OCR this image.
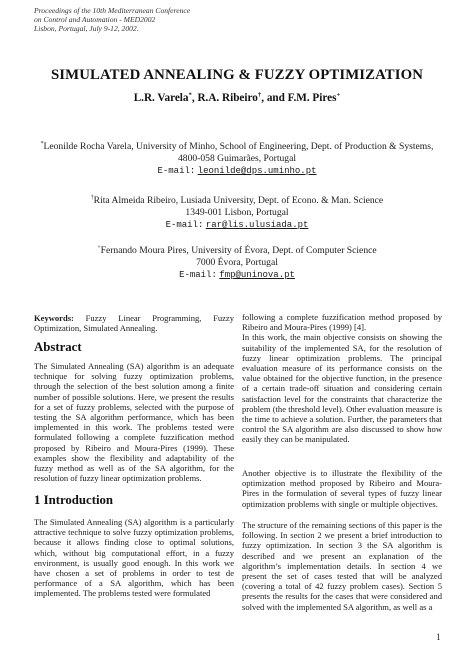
Proceedings of the 10th Mediterranean Conference
on Control and Automation - MED2002
Lisbon, Portugal, July 9-12, 2002.
SIMULATED ANNEALING & FUZZY OPTIMIZATION
L.R. Varela*, R.A. Ribeiro†, and F.M. Pires+
*Leonilde Rocha Varela, University of Minho, School of Engineering, Dept. of Production & Systems,
4800-058 Guimarães, Portugal
E-mail: leonilde@dps.uminho.pt
†Rita Almeida Ribeiro, Lusiada University, Dept. of Econo. & Man. Science
1349-001 Lisbon, Portugal
E-mail: rar@lis.ulusiada.pt
+Fernando Moura Pires, University of Évora, Dept. of Computer Science
7000 Évora, Portugal
E-mail: fmp@uninova.pt

Keywords: Fuzzy Linear Programming, Fuzzy Optimization, Simulated Annealing.

Abstract

The Simulated Annealing (SA) algorithm is an adequate technique for solving fuzzy optimization problems, through the selection of the best solution among a finite number of possible solutions. Here, we present the results for a set of fuzzy problems, selected with the purpose of testing the SA algorithm performance, which has been implemented in this work. The problems tested were formulated following a complete fuzzification method proposed by Ribeiro and Moura-Pires (1999). These examples show the flexibility and adaptability of the fuzzy method as well as of the SA algorithm, for the resolution of fuzzy linear optimization problems.

1 Introduction

The Simulated Annealing (SA) algorithm is a particularly attractive technique to solve fuzzy optimization problems, because it allows finding close to optimal solutions, which, without big computational effort, in a fuzzy environment, is usually good enough. In this work we have chosen a set of problems in order to test de performance of a SA algorithm, which has been implemented. The problems tested were formulated

following a complete fuzzification method proposed by Ribeiro and Moura-Pires (1999) [4].

In this work, the main objective consists on showing the suitability of the implemented SA, for the resolution of fuzzy linear optimization problems. The principal evaluation measure of its performance consists on the value obtained for the objective function, in the presence of a certain trade-off situation and considering certain satisfaction level for the constraints that characterize the problem (the threshold level). Other evaluation measure is the time to achieve a solution. Further, the parameters that control the SA algorithm are also discussed to show how easily they can be manipulated.

Another objective is to illustrate the flexibility of the optimization method proposed by Ribeiro and Moura-Pires in the formulation of several types of fuzzy linear optimization problems with single or multiple objectives.

The structure of the remaining sections of this paper is the following. In section 2 we present a brief introduction to fuzzy optimization. In section 3 the SA algorithm is described and we present an explanation of the algorithm’s implementation details. In section 4 we present the set of cases tested that will be analyzed (covering a total of 42 fuzzy problem cases). Section 5 presents the results for the cases that were considered and solved with the implemented SA algorithm, as well as a

1
